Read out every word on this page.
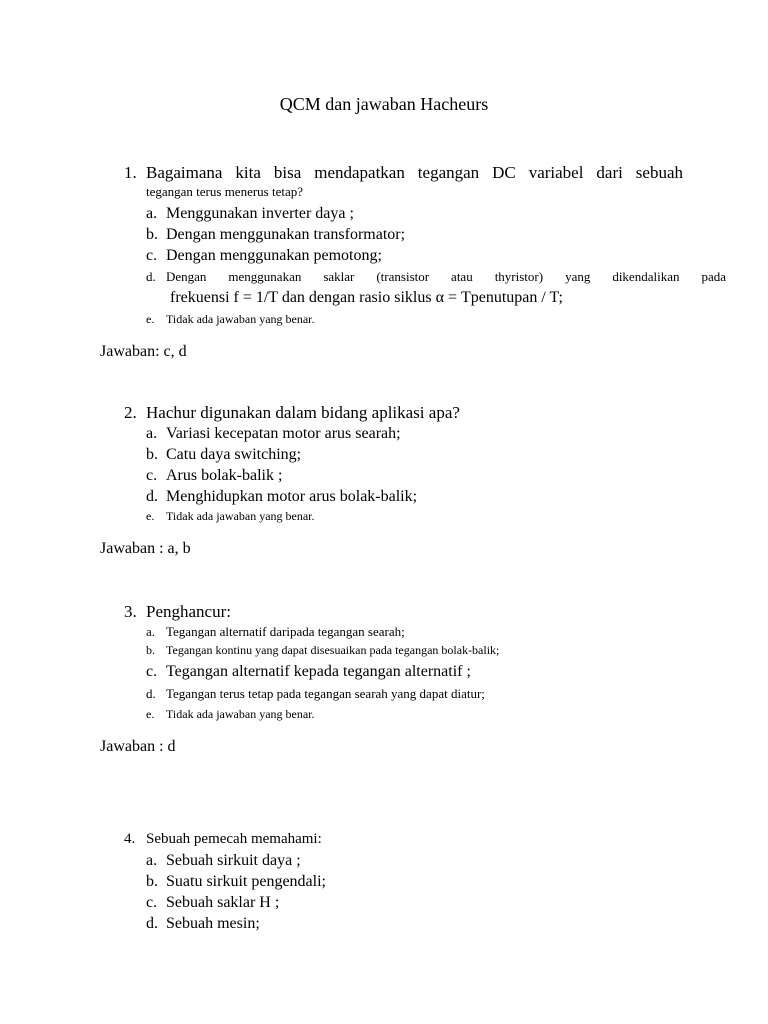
QCM dan jawaban Hacheurs
1. Bagaimana kita bisa mendapatkan tegangan DC variabel dari sebuah
tegangan terus menerus tetap?
a. Menggunakan inverter daya ;
b. Dengan menggunakan transformator;
c. Dengan menggunakan pemotong;
d. Dengan menggunakan saklar (transistor atau thyristor) yang dikendalikan pada
frekuensi f = 1/T dan dengan rasio siklus α = Tpenutupan / T;
e. Tidak ada jawaban yang benar.
Jawaban: c, d
2. Hachur digunakan dalam bidang aplikasi apa?
a. Variasi kecepatan motor arus searah;
b. Catu daya switching;
c. Arus bolak-balik ;
d. Menghidupkan motor arus bolak-balik;
e. Tidak ada jawaban yang benar.
Jawaban : a, b
3. Penghancur:
a. Tegangan alternatif daripada tegangan searah;
b. Tegangan kontinu yang dapat disesuaikan pada tegangan bolak-balik;
c. Tegangan alternatif kepada tegangan alternatif ;
d. Tegangan terus tetap pada tegangan searah yang dapat diatur;
e. Tidak ada jawaban yang benar.
Jawaban : d
4. Sebuah pemecah memahami:
a. Sebuah sirkuit daya ;
b. Suatu sirkuit pengendali;
c. Sebuah saklar H ;
d. Sebuah mesin;
